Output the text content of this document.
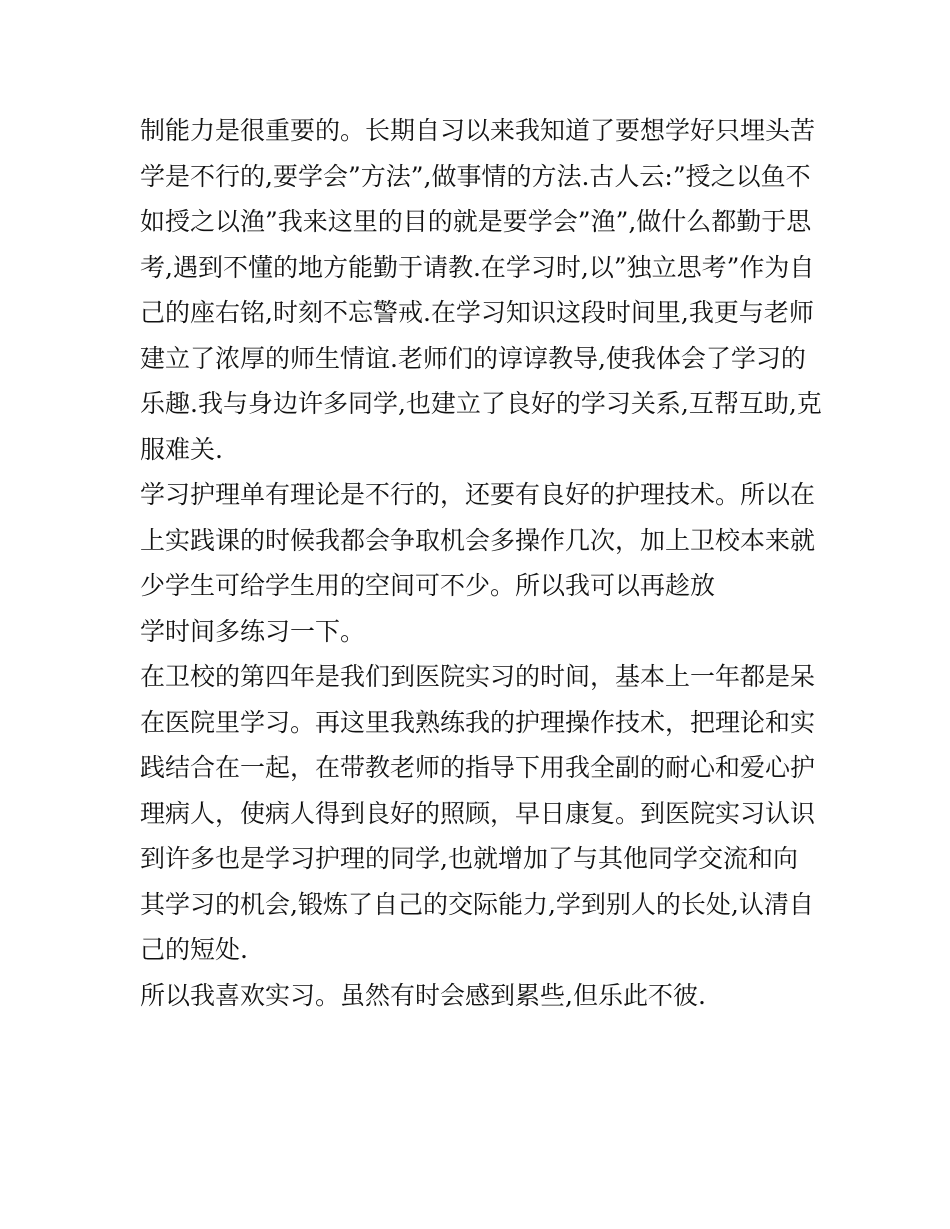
制能力是很重要的。长期自习以来我知道了要想学好只埋头苦

学是不行的,要学会”方法”,做事情的方法.古人云:”授之以鱼不

如授之以渔”我来这里的目的就是要学会”渔”,做什么都勤于思

考,遇到不懂的地方能勤于请教.在学习时,以”独立思考”作为自

己的座右铭,时刻不忘警戒.在学习知识这段时间里,我更与老师

建立了浓厚的师生情谊.老师们的谆谆教导,使我体会了学习的

乐趣.我与身边许多同学,也建立了良好的学习关系,互帮互助,克

服难关.

学习护理单有理论是不行的，还要有良好的护理技术。所以在

上实践课的时候我都会争取机会多操作几次，加上卫校本来就

少学生可给学生用的空间可不少。所以我可以再趁放

学时间多练习一下。

在卫校的第四年是我们到医院实习的时间，基本上一年都是呆

在医院里学习。再这里我熟练我的护理操作技术，把理论和实

践结合在一起，在带教老师的指导下用我全副的耐心和爱心护

理病人，使病人得到良好的照顾，早日康复。到医院实习认识

到许多也是学习护理的同学,也就增加了与其他同学交流和向

其学习的机会,锻炼了自己的交际能力,学到别人的长处,认清自

己的短处.

所以我喜欢实习。虽然有时会感到累些,但乐此不彼.
